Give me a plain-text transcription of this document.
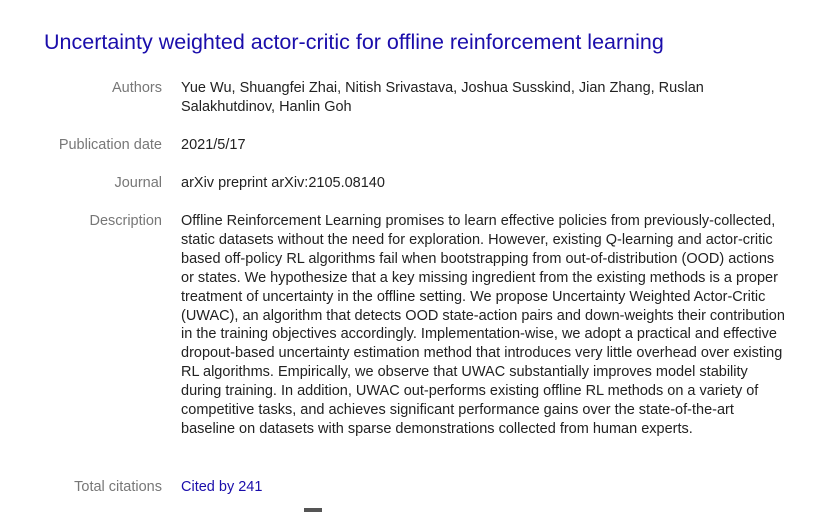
Uncertainty weighted actor-critic for offline reinforcement learning
Authors Yue Wu, Shuangfei Zhai, Nitish Srivastava, Joshua Susskind, Jian Zhang, Ruslan Salakhutdinov, Hanlin Goh
Publication date 2021/5/17
Journal arXiv preprint arXiv:2105.08140
Description Offline Reinforcement Learning promises to learn effective policies from previously-collected, static datasets without the need for exploration. However, existing Q-learning and actor-critic based off-policy RL algorithms fail when bootstrapping from out-of-distribution (OOD) actions or states. We hypothesize that a key missing ingredient from the existing methods is a proper treatment of uncertainty in the offline setting. We propose Uncertainty Weighted Actor-Critic (UWAC), an algorithm that detects OOD state-action pairs and down-weights their contribution in the training objectives accordingly. Implementation-wise, we adopt a practical and effective dropout-based uncertainty estimation method that introduces very little overhead over existing RL algorithms. Empirically, we observe that UWAC substantially improves model stability during training. In addition, UWAC out-performs existing offline RL methods on a variety of competitive tasks, and achieves significant performance gains over the state-of-the-art baseline on datasets with sparse demonstrations collected from human experts.
Total citations Cited by 241
